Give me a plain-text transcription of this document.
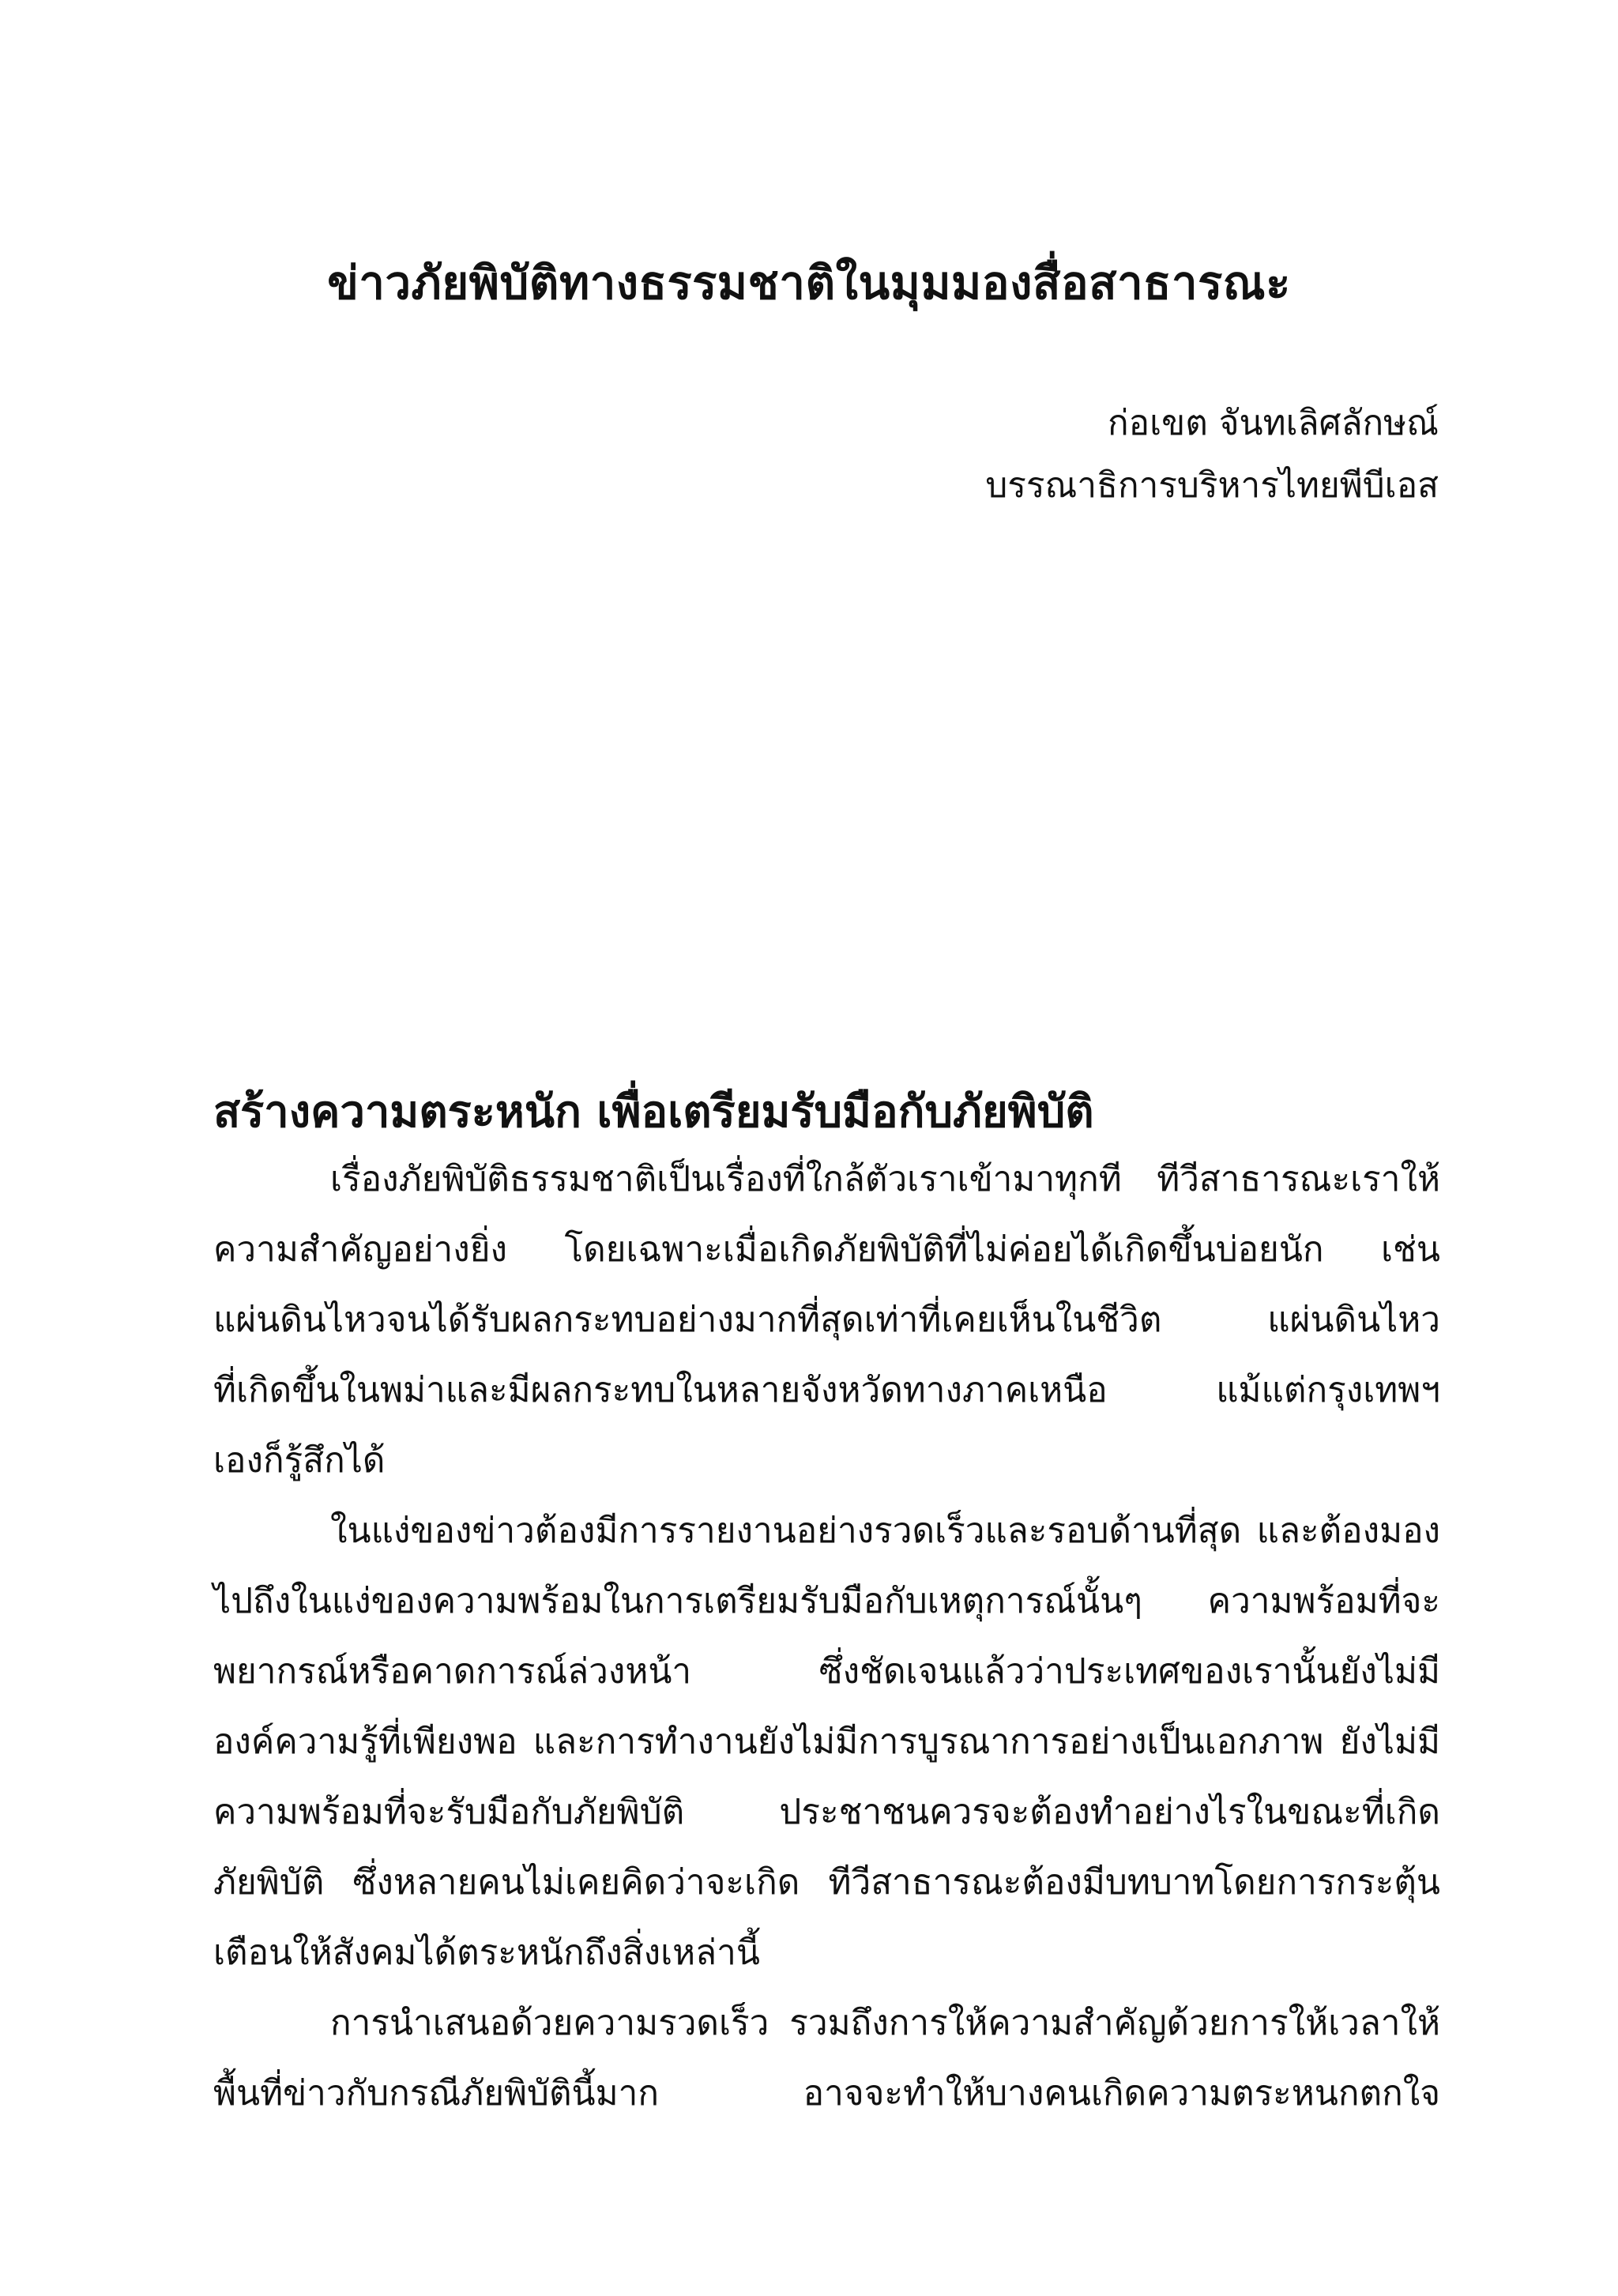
ข่าวภัยพิบัติทางธรรมชาติในมุมมองสื่อสาธารณะ
ก่อเขต จันทเลิศลักษณ์
บรรณาธิการบริหารไทยพีบีเอส
สร้างความตระหนัก เพื่อเตรียมรับมือกับภัยพิบัติ
เรื่องภัยพิบัติธรรมชาติเป็นเรื่องที่ใกล้ตัวเราเข้ามาทุกที ทีวีสาธารณะเราให้
ความสำคัญอย่างยิ่ง โดยเฉพาะเมื่อเกิดภัยพิบัติที่ไม่ค่อยได้เกิดขึ้นบ่อยนัก เช่น
แผ่นดินไหวจนได้รับผลกระทบอย่างมากที่สุดเท่าที่เคยเห็นในชีวิต แผ่นดินไหว
ที่เกิดขึ้นในพม่าและมีผลกระทบในหลายจังหวัดทางภาคเหนือ แม้แต่กรุงเทพฯ
เองก็รู้สึกได้
ในแง่ของข่าวต้องมีการรายงานอย่างรวดเร็วและรอบด้านที่สุด และต้องมอง
ไปถึงในแง่ของความพร้อมในการเตรียมรับมือกับเหตุการณ์นั้นๆ ความพร้อมที่จะ
พยากรณ์หรือคาดการณ์ล่วงหน้า ซึ่งชัดเจนแล้วว่าประเทศของเรานั้นยังไม่มี
องค์ความรู้ที่เพียงพอ และการทำงานยังไม่มีการบูรณาการอย่างเป็นเอกภาพ ยังไม่มี
ความพร้อมที่จะรับมือกับภัยพิบัติ ประชาชนควรจะต้องทำอย่างไรในขณะที่เกิด
ภัยพิบัติ ซึ่งหลายคนไม่เคยคิดว่าจะเกิด ทีวีสาธารณะต้องมีบทบาทโดยการกระตุ้น
เตือนให้สังคมได้ตระหนักถึงสิ่งเหล่านี้
การนำเสนอด้วยความรวดเร็ว รวมถึงการให้ความสำคัญด้วยการให้เวลาให้
พื้นที่ข่าวกับกรณีภัยพิบัตินี้มาก อาจจะทำให้บางคนเกิดความตระหนกตกใจ
